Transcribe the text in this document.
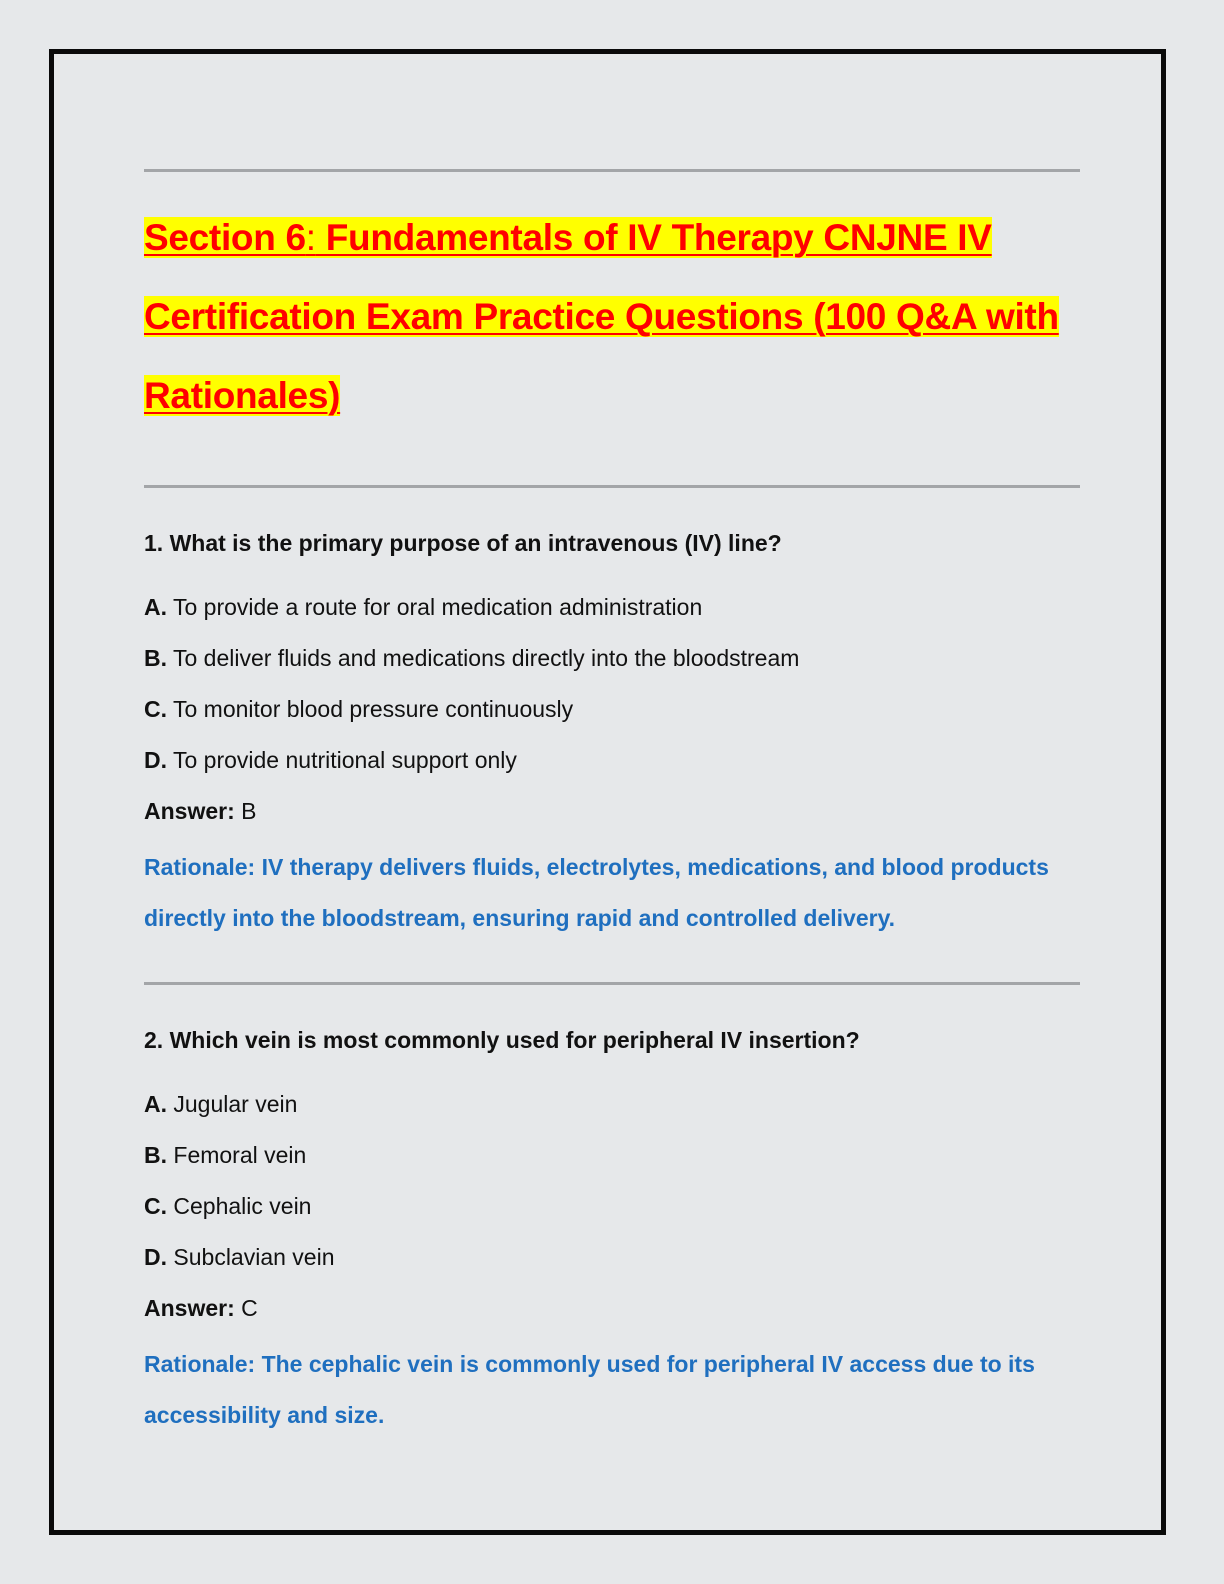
Section 6: Fundamentals of IV Therapy CNJNE IV Certification Exam Practice Questions (100 Q&A with Rationales)
1. What is the primary purpose of an intravenous (IV) line?
A. To provide a route for oral medication administration
B. To deliver fluids and medications directly into the bloodstream
C. To monitor blood pressure continuously
D. To provide nutritional support only
Answer: B
Rationale: IV therapy delivers fluids, electrolytes, medications, and blood products directly into the bloodstream, ensuring rapid and controlled delivery.
2. Which vein is most commonly used for peripheral IV insertion?
A. Jugular vein
B. Femoral vein
C. Cephalic vein
D. Subclavian vein
Answer: C
Rationale: The cephalic vein is commonly used for peripheral IV access due to its accessibility and size.
